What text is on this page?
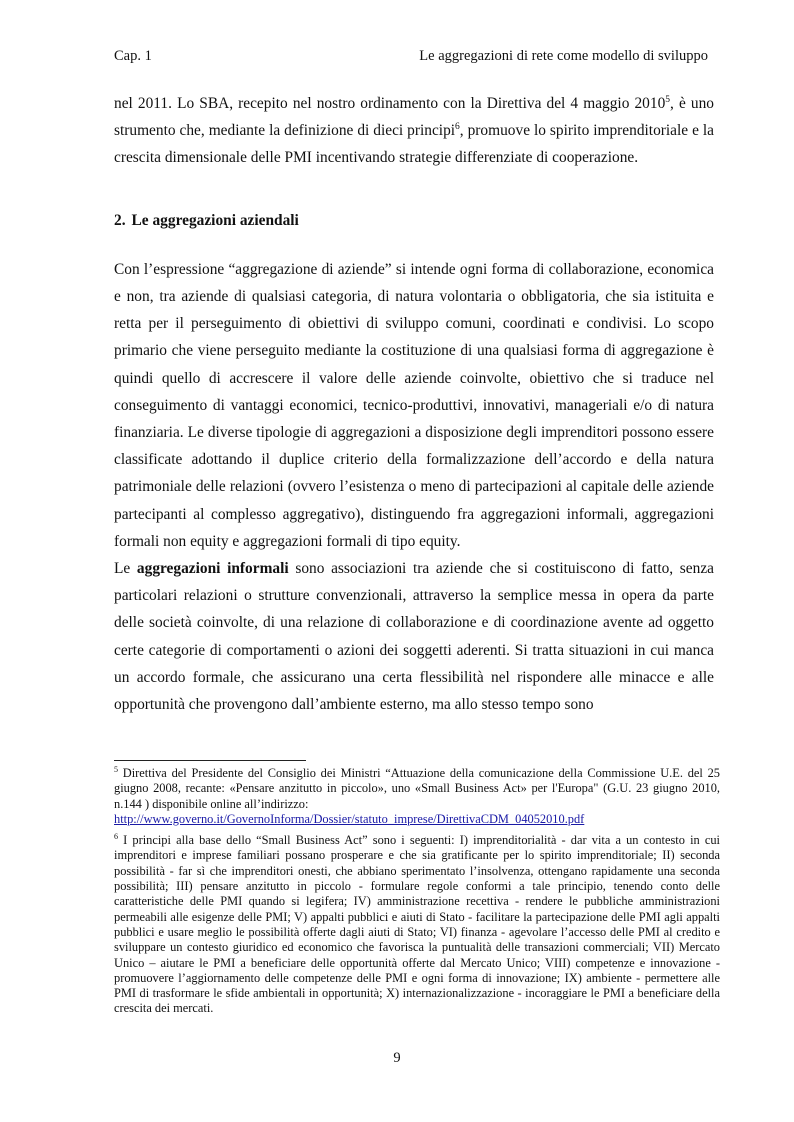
Cap. 1	Le aggregazioni di rete come modello di sviluppo

nel 2011. Lo SBA, recepito nel nostro ordinamento con la Direttiva del 4 maggio 2010$^5$, è uno strumento che, mediante la definizione di dieci principi$^6$, promuove lo spirito imprenditoriale e la crescita dimensionale delle PMI incentivando strategie differenziate di cooperazione.

2. Le aggregazioni aziendali

Con l’espressione “aggregazione di aziende” si intende ogni forma di collaborazione, economica e non, tra aziende di qualsiasi categoria, di natura volontaria o obbligatoria, che sia istituita e retta per il perseguimento di obiettivi di sviluppo comuni, coordinati e condivisi. Lo scopo primario che viene perseguito mediante la costituzione di una qualsiasi forma di aggregazione è quindi quello di accrescere il valore delle aziende coinvolte, obiettivo che si traduce nel conseguimento di vantaggi economici, tecnico-produttivi, innovativi, manageriali e/o di natura finanziaria. Le diverse tipologie di aggregazioni a disposizione degli imprenditori possono essere classificate adottando il duplice criterio della formalizzazione dell’accordo e della natura patrimoniale delle relazioni (ovvero l’esistenza o meno di partecipazioni al capitale delle aziende partecipanti al complesso aggregativo), distinguendo fra aggregazioni informali, aggregazioni formali non equity e aggregazioni formali di tipo equity.

Le aggregazioni informali sono associazioni tra aziende che si costituiscono di fatto, senza particolari relazioni o strutture convenzionali, attraverso la semplice messa in opera da parte delle società coinvolte, di una relazione di collaborazione e di coordinazione avente ad oggetto certe categorie di comportamenti o azioni dei soggetti aderenti. Si tratta situazioni in cui manca un accordo formale, che assicurano una certa flessibilità nel rispondere alle minacce e alle opportunità che provengono dall’ambiente esterno, ma allo stesso tempo sono

$^5$ Direttiva del Presidente del Consiglio dei Ministri “Attuazione della comunicazione della Commissione U.E. del 25 giugno 2008, recante: «Pensare anzitutto in piccolo», uno «Small Business Act» per l'Europa" (G.U. 23 giugno 2010, n.144 ) disponibile online all’indirizzo:
http://www.governo.it/GovernoInforma/Dossier/statuto_imprese/DirettivaCDM_04052010.pdf

$^6$ I principi alla base dello “Small Business Act” sono i seguenti: I) imprenditorialità - dar vita a un contesto in cui imprenditori e imprese familiari possano prosperare e che sia gratificante per lo spirito imprenditoriale; II) seconda possibilità - far sì che imprenditori onesti, che abbiano sperimentato l’insolvenza, ottengano rapidamente una seconda possibilità; III) pensare anzitutto in piccolo - formulare regole conformi a tale principio, tenendo conto delle caratteristiche delle PMI quando si legifera; IV) amministrazione recettiva - rendere le pubbliche amministrazioni permeabili alle esigenze delle PMI; V) appalti pubblici e aiuti di Stato - facilitare la partecipazione delle PMI agli appalti pubblici e usare meglio le possibilità offerte dagli aiuti di Stato; VI) finanza - agevolare l’accesso delle PMI al credito e sviluppare un contesto giuridico ed economico che favorisca la puntualità delle transazioni commerciali; VII) Mercato Unico – aiutare le PMI a beneficiare delle opportunità offerte dal Mercato Unico; VIII) competenze e innovazione - promuovere l’aggiornamento delle competenze delle PMI e ogni forma di innovazione; IX) ambiente - permettere alle PMI di trasformare le sfide ambientali in opportunità; X) internazionalizzazione - incoraggiare le PMI a beneficiare della crescita dei mercati.

9
